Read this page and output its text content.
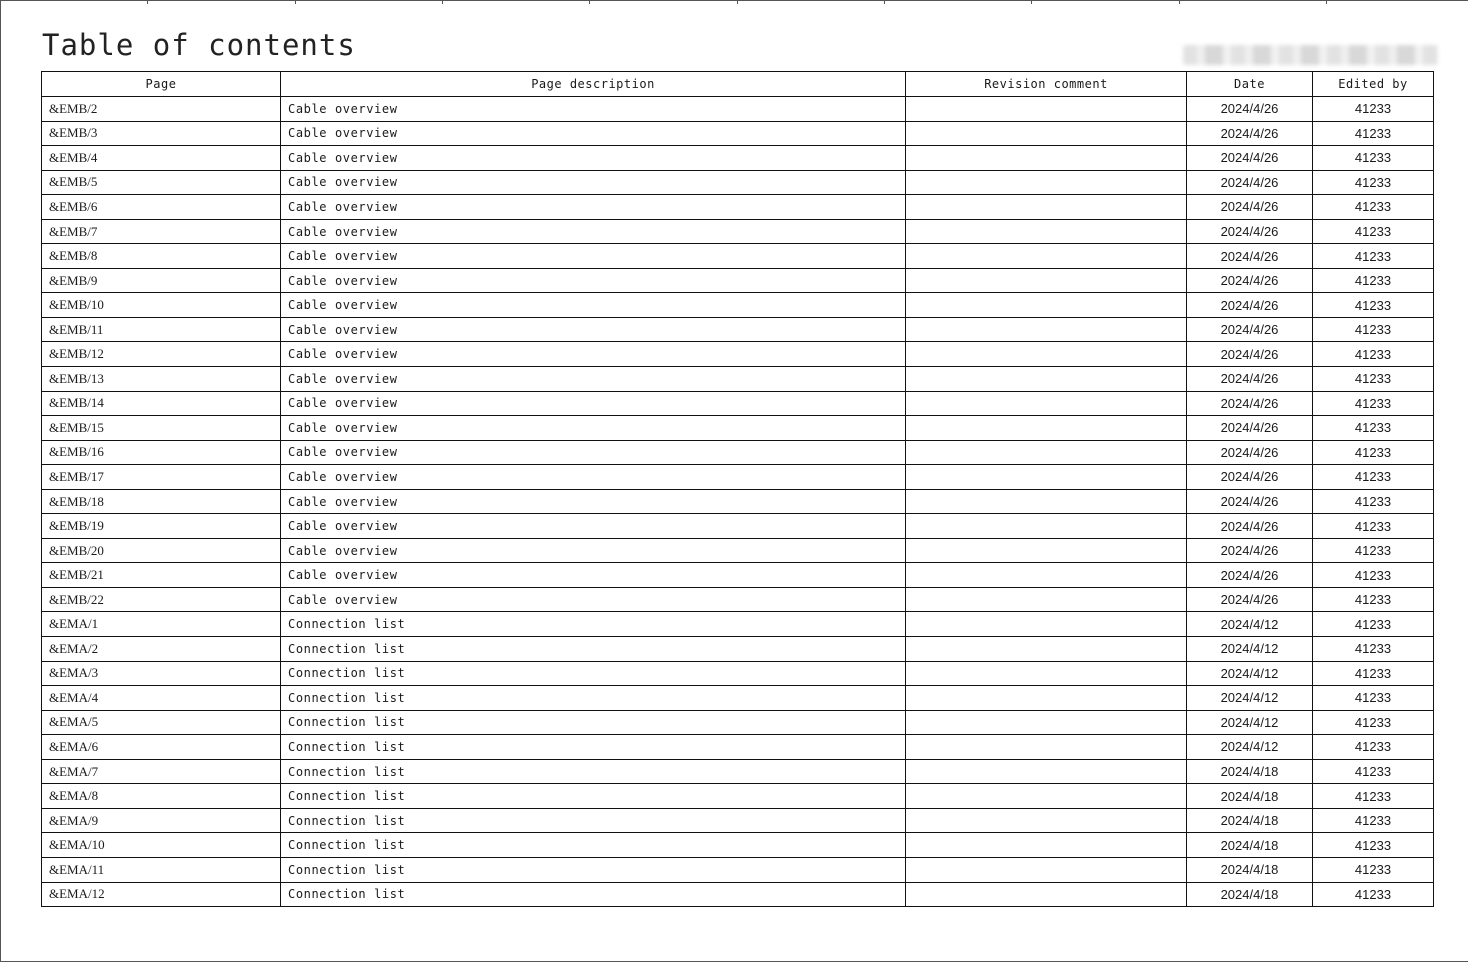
Table of contents
Page	Page description	Revision comment	Date	Edited by
&EMB/2	Cable overview		2024/4/26	41233
&EMB/3	Cable overview		2024/4/26	41233
&EMB/4	Cable overview		2024/4/26	41233
&EMB/5	Cable overview		2024/4/26	41233
&EMB/6	Cable overview		2024/4/26	41233
&EMB/7	Cable overview		2024/4/26	41233
&EMB/8	Cable overview		2024/4/26	41233
&EMB/9	Cable overview		2024/4/26	41233
&EMB/10	Cable overview		2024/4/26	41233
&EMB/11	Cable overview		2024/4/26	41233
&EMB/12	Cable overview		2024/4/26	41233
&EMB/13	Cable overview		2024/4/26	41233
&EMB/14	Cable overview		2024/4/26	41233
&EMB/15	Cable overview		2024/4/26	41233
&EMB/16	Cable overview		2024/4/26	41233
&EMB/17	Cable overview		2024/4/26	41233
&EMB/18	Cable overview		2024/4/26	41233
&EMB/19	Cable overview		2024/4/26	41233
&EMB/20	Cable overview		2024/4/26	41233
&EMB/21	Cable overview		2024/4/26	41233
&EMB/22	Cable overview		2024/4/26	41233
&EMA/1	Connection list		2024/4/12	41233
&EMA/2	Connection list		2024/4/12	41233
&EMA/3	Connection list		2024/4/12	41233
&EMA/4	Connection list		2024/4/12	41233
&EMA/5	Connection list		2024/4/12	41233
&EMA/6	Connection list		2024/4/12	41233
&EMA/7	Connection list		2024/4/18	41233
&EMA/8	Connection list		2024/4/18	41233
&EMA/9	Connection list		2024/4/18	41233
&EMA/10	Connection list		2024/4/18	41233
&EMA/11	Connection list		2024/4/18	41233
&EMA/12	Connection list		2024/4/18	41233
